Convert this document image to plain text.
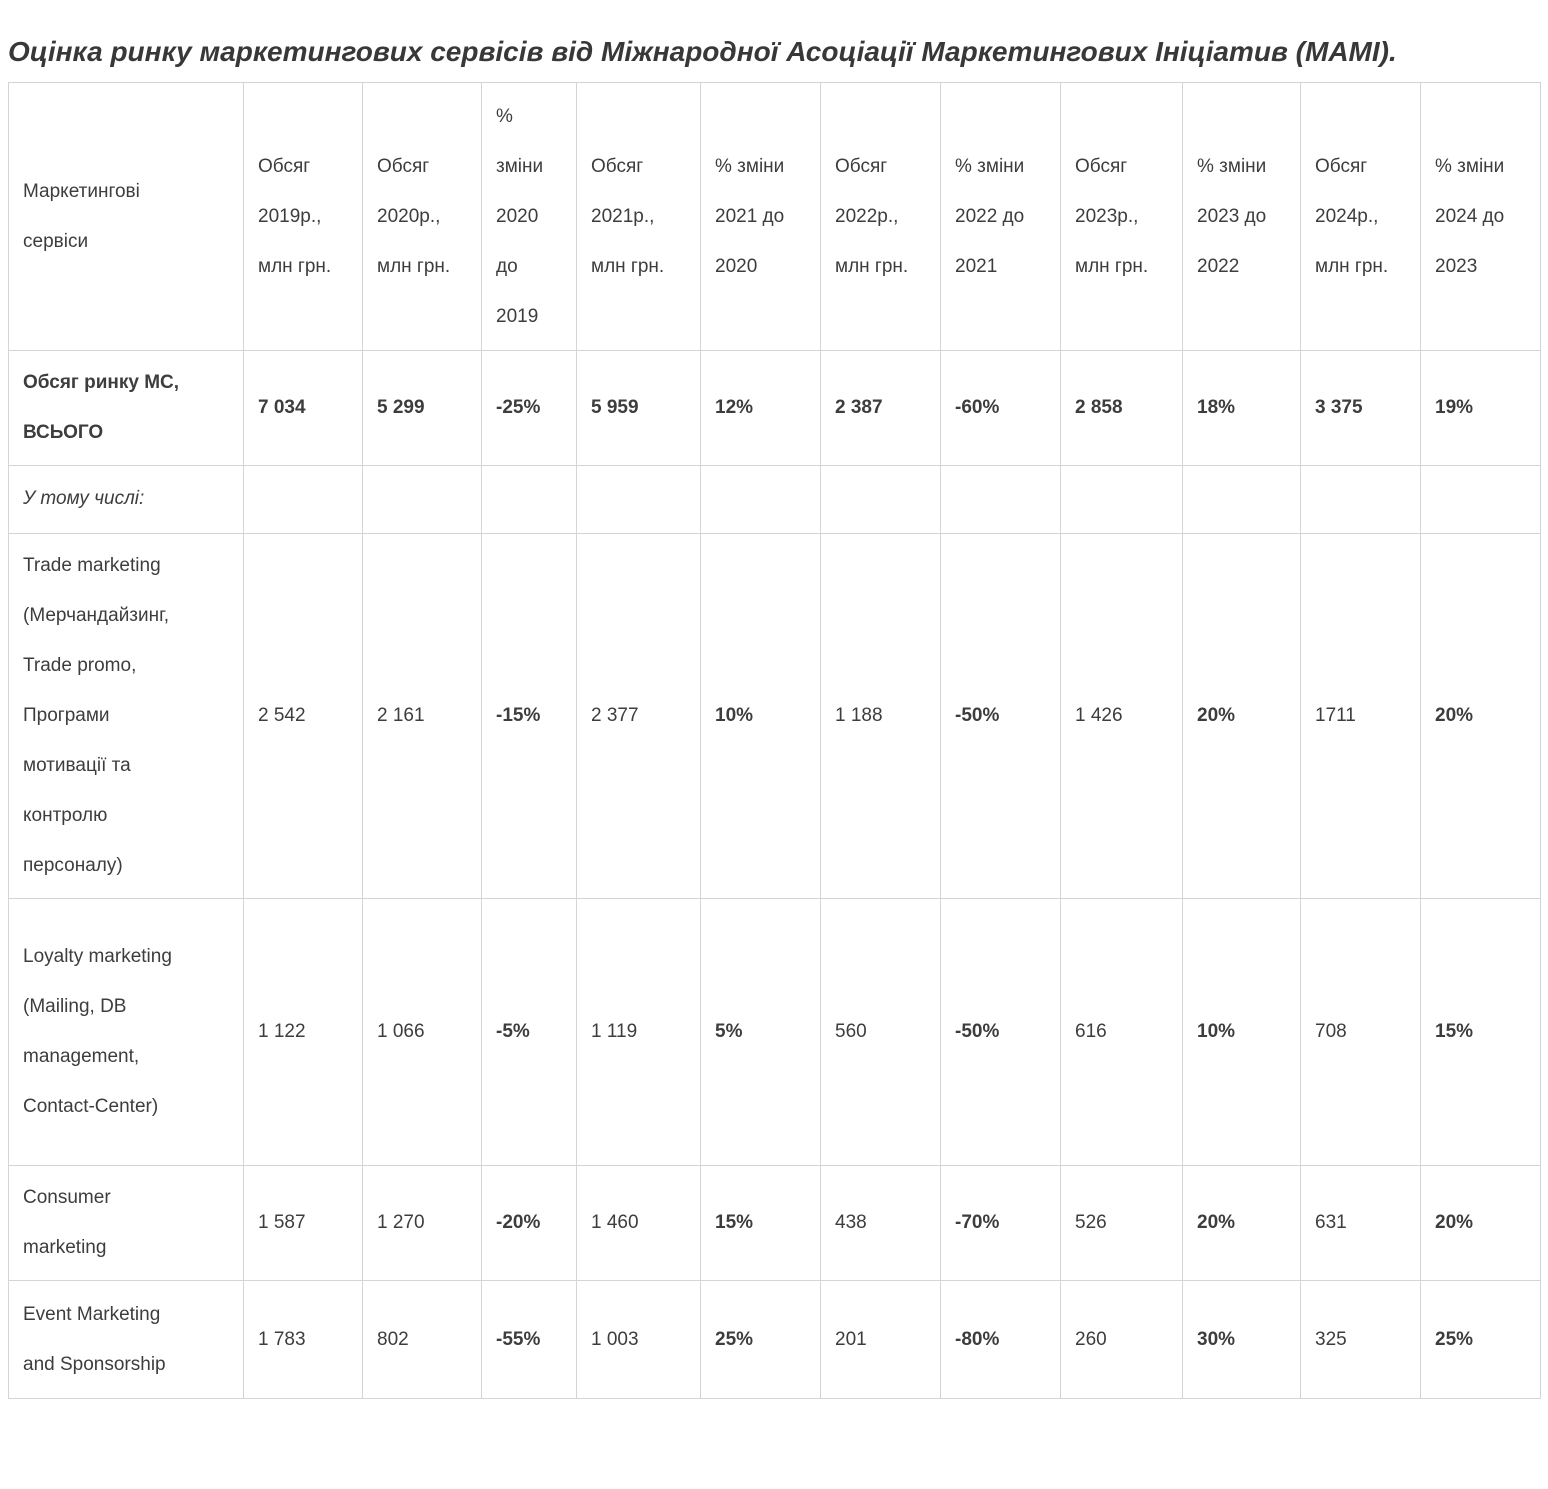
Оцінка ринку маркетингових сервісів від Міжнародної Асоціації Маркетингових Ініціатив (МАМІ).
Маркетингові сервіси	Обсяг 2019р., млн грн.	Обсяг 2020р., млн грн.	% зміни 2020 до 2019	Обсяг 2021р., млн грн.	% зміни 2021 до 2020	Обсяг 2022р., млн грн.	% зміни 2022 до 2021	Обсяг 2023р., млн грн.	% зміни 2023 до 2022	Обсяг 2024р., млн грн.	% зміни 2024 до 2023
Обсяг ринку МС, ВСЬОГО	7 034	5 299	-25%	5 959	12%	2 387	-60%	2 858	18%	3 375	19%
У тому числі:											
Trade marketing (Мерчандайзинг, Trade promo, Програми мотивації та контролю персоналу)	2 542	2 161	-15%	2 377	10%	1 188	-50%	1 426	20%	1711	20%
Loyalty marketing (Mailing, DB management, Contact-Center)	1 122	1 066	-5%	1 119	5%	560	-50%	616	10%	708	15%
Consumer marketing	1 587	1 270	-20%	1 460	15%	438	-70%	526	20%	631	20%
Event Marketing and Sponsorship	1 783	802	-55%	1 003	25%	201	-80%	260	30%	325	25%
